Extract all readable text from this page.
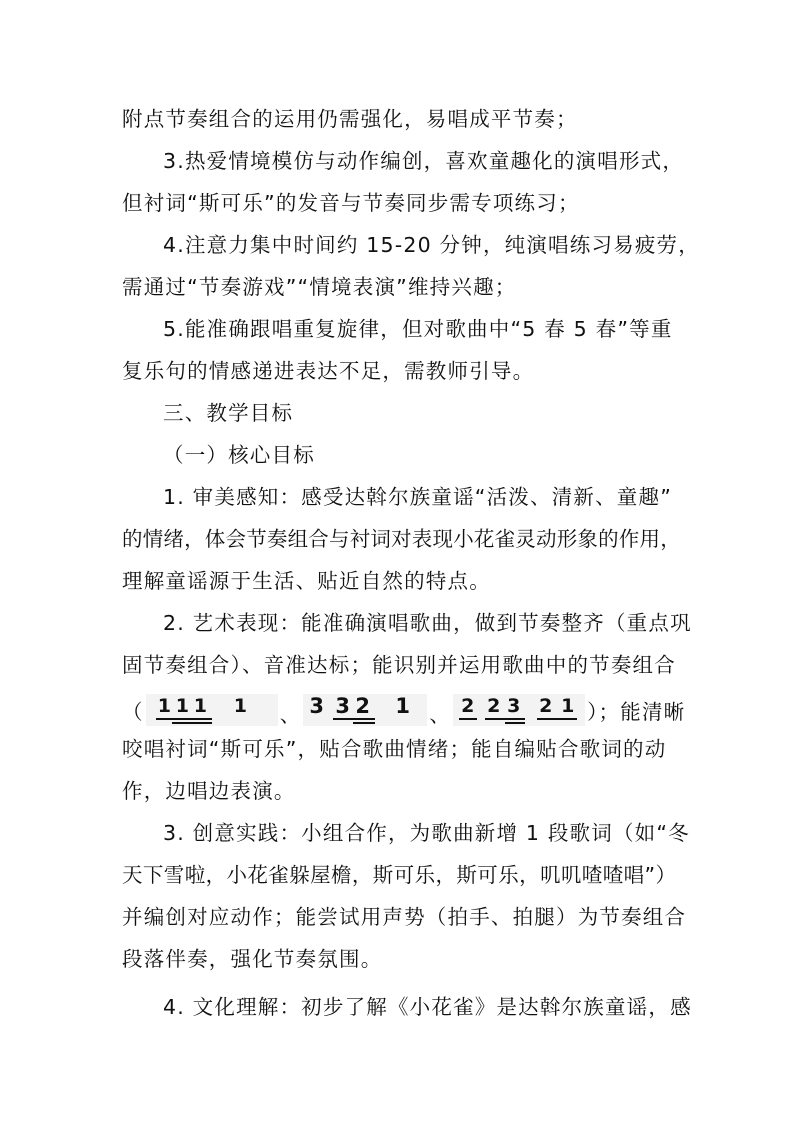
附点节奏组合的运用仍需强化，易唱成平节奏；
3.热爱情境模仿与动作编创，喜欢童趣化的演唱形式，
但衬词“斯可乐”的发音与节奏同步需专项练习；
4.注意力集中时间约 15-20 分钟，纯演唱练习易疲劳，
需通过“节奏游戏”“情境表演”维持兴趣；
5.能准确跟唱重复旋律，但对歌曲中“5 春 5 春”等重
复乐句的情感递进表达不足，需教师引导。
三、教学目标
（一）核心目标
1. 审美感知：感受达斡尔族童谣“活泼、清新、童趣”
的情绪，体会节奏组合与衬词对表现小花雀灵动形象的作用，
理解童谣源于生活、贴近自然的特点。
2. 艺术表现：能准确演唱歌曲，做到节奏整齐（重点巩
固节奏组合）、音准达标；能识别并运用歌曲中的节奏组合
（ 1 1 1 1 、 3 3 2 1 、 2 2 3 2 1 ）；能清晰
咬唱衬词“斯可乐”，贴合歌曲情绪；能自编贴合歌词的动
作，边唱边表演。
3. 创意实践：小组合作，为歌曲新增 1 段歌词（如“冬
天下雪啦，小花雀躲屋檐，斯可乐，斯可乐，叽叽喳喳唱”）
并编创对应动作；能尝试用声势（拍手、拍腿）为节奏组合
段落伴奏，强化节奏氛围。
4. 文化理解：初步了解《小花雀》是达斡尔族童谣，感
